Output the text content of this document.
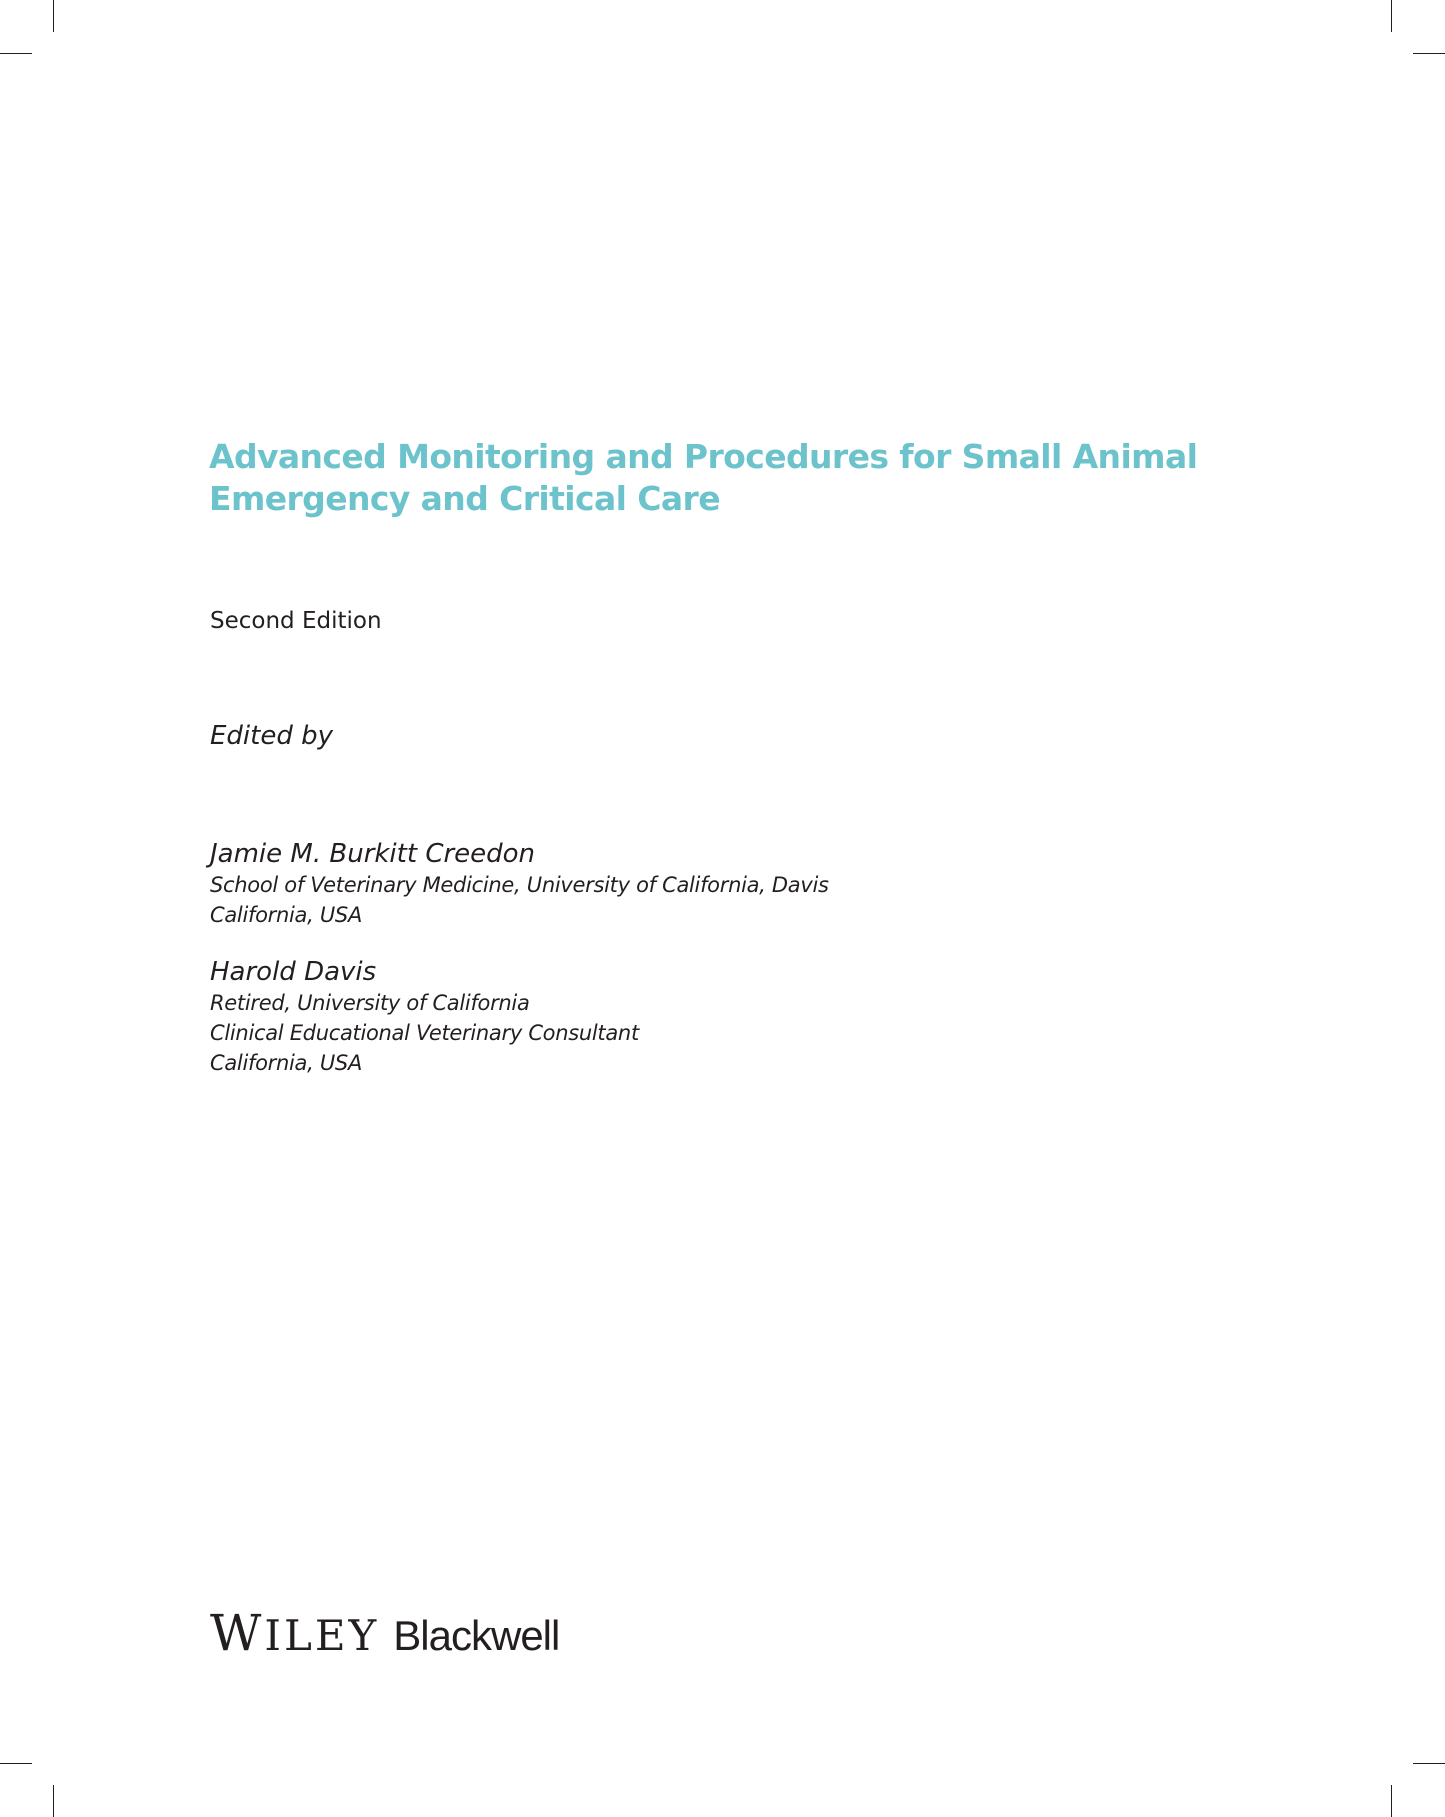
Advanced Monitoring and Procedures for Small Animal
Emergency and Critical Care
Second Edition
Edited by
Jamie M. Burkitt Creedon
School of Veterinary Medicine, University of California, Davis
California, USA
Harold Davis
Retired, University of California
Clinical Educational Veterinary Consultant
California, USA
WILEY Blackwell
